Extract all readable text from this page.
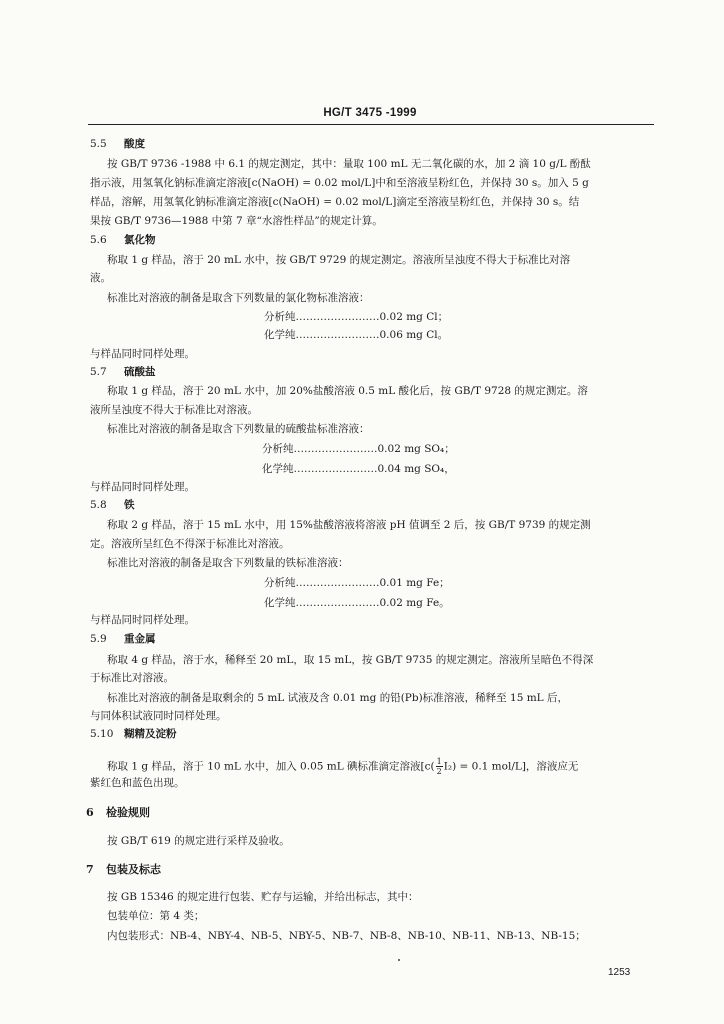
HG/T 3475 -1999
5.5 酸度
按 GB/T 9736 -1988 中 6.1 的规定测定，其中：量取 100 mL 无二氧化碳的水，加 2 滴 10 g/L 酚酞
指示液，用氢氧化钠标准滴定溶液[c(NaOH) = 0.02 mol/L]中和至溶液呈粉红色，并保持 30 s。加入 5 g
样品，溶解，用氢氧化钠标准滴定溶液[c(NaOH) = 0.02 mol/L]滴定至溶液呈粉红色，并保持 30 s。结
果按 GB/T 9736—1988 中第 7 章“水溶性样品”的规定计算。
5.6 氯化物
称取 1 g 样品，溶于 20 mL 水中，按 GB/T 9729 的规定测定。溶液所呈浊度不得大于标准比对溶
液。
标准比对溶液的制备是取含下列数量的氯化物标准溶液：
分析纯……………………0.02 mg Cl；
化学纯……………………0.06 mg Cl。
与样品同时同样处理。
5.7 硫酸盐
称取 1 g 样品，溶于 20 mL 水中，加 20%盐酸溶液 0.5 mL 酸化后，按 GB/T 9728 的规定测定。溶
液所呈浊度不得大于标准比对溶液。
标准比对溶液的制备是取含下列数量的硫酸盐标准溶液：
分析纯……………………0.02 mg SO₄；
化学纯……………………0.04 mg SO₄，
与样品同时同样处理。
5.8 铁
称取 2 g 样品，溶于 15 mL 水中，用 15%盐酸溶液将溶液 pH 值调至 2 后，按 GB/T 9739 的规定测
定。溶液所呈红色不得深于标准比对溶液。
标准比对溶液的制备是取含下列数量的铁标准溶液：
分析纯……………………0.01 mg Fe；
化学纯……………………0.02 mg Fe。
与样品同时同样处理。
5.9 重金属
称取 4 g 样品，溶于水，稀释至 20 mL，取 15 mL，按 GB/T 9735 的规定测定。溶液所呈暗色不得深
于标准比对溶液。
标准比对溶液的制备是取剩余的 5 mL 试液及含 0.01 mg 的铅(Pb)标准溶液，稀释至 15 mL 后，
与同体积试液同时同样处理。
5.10 糊精及淀粉
称取 1 g 样品，溶于 10 mL 水中，加入 0.05 mL 碘标准滴定溶液[$c( \frac{1}{2} I_2) = 0.1$ mol/L]，溶液应无
紫红色和蓝色出现。
6 检验规则
按 GB/T 619 的规定进行采样及验收。
7 包装及标志
按 GB 15346 的规定进行包装、贮存与运输，并给出标志，其中：
包装单位：第 4 类；
内包装形式：NB-4、NBY-4、NB-5、NBY-5、NB-7、NB-8、NB-10、NB-11、NB-13、NB-15；
1253
